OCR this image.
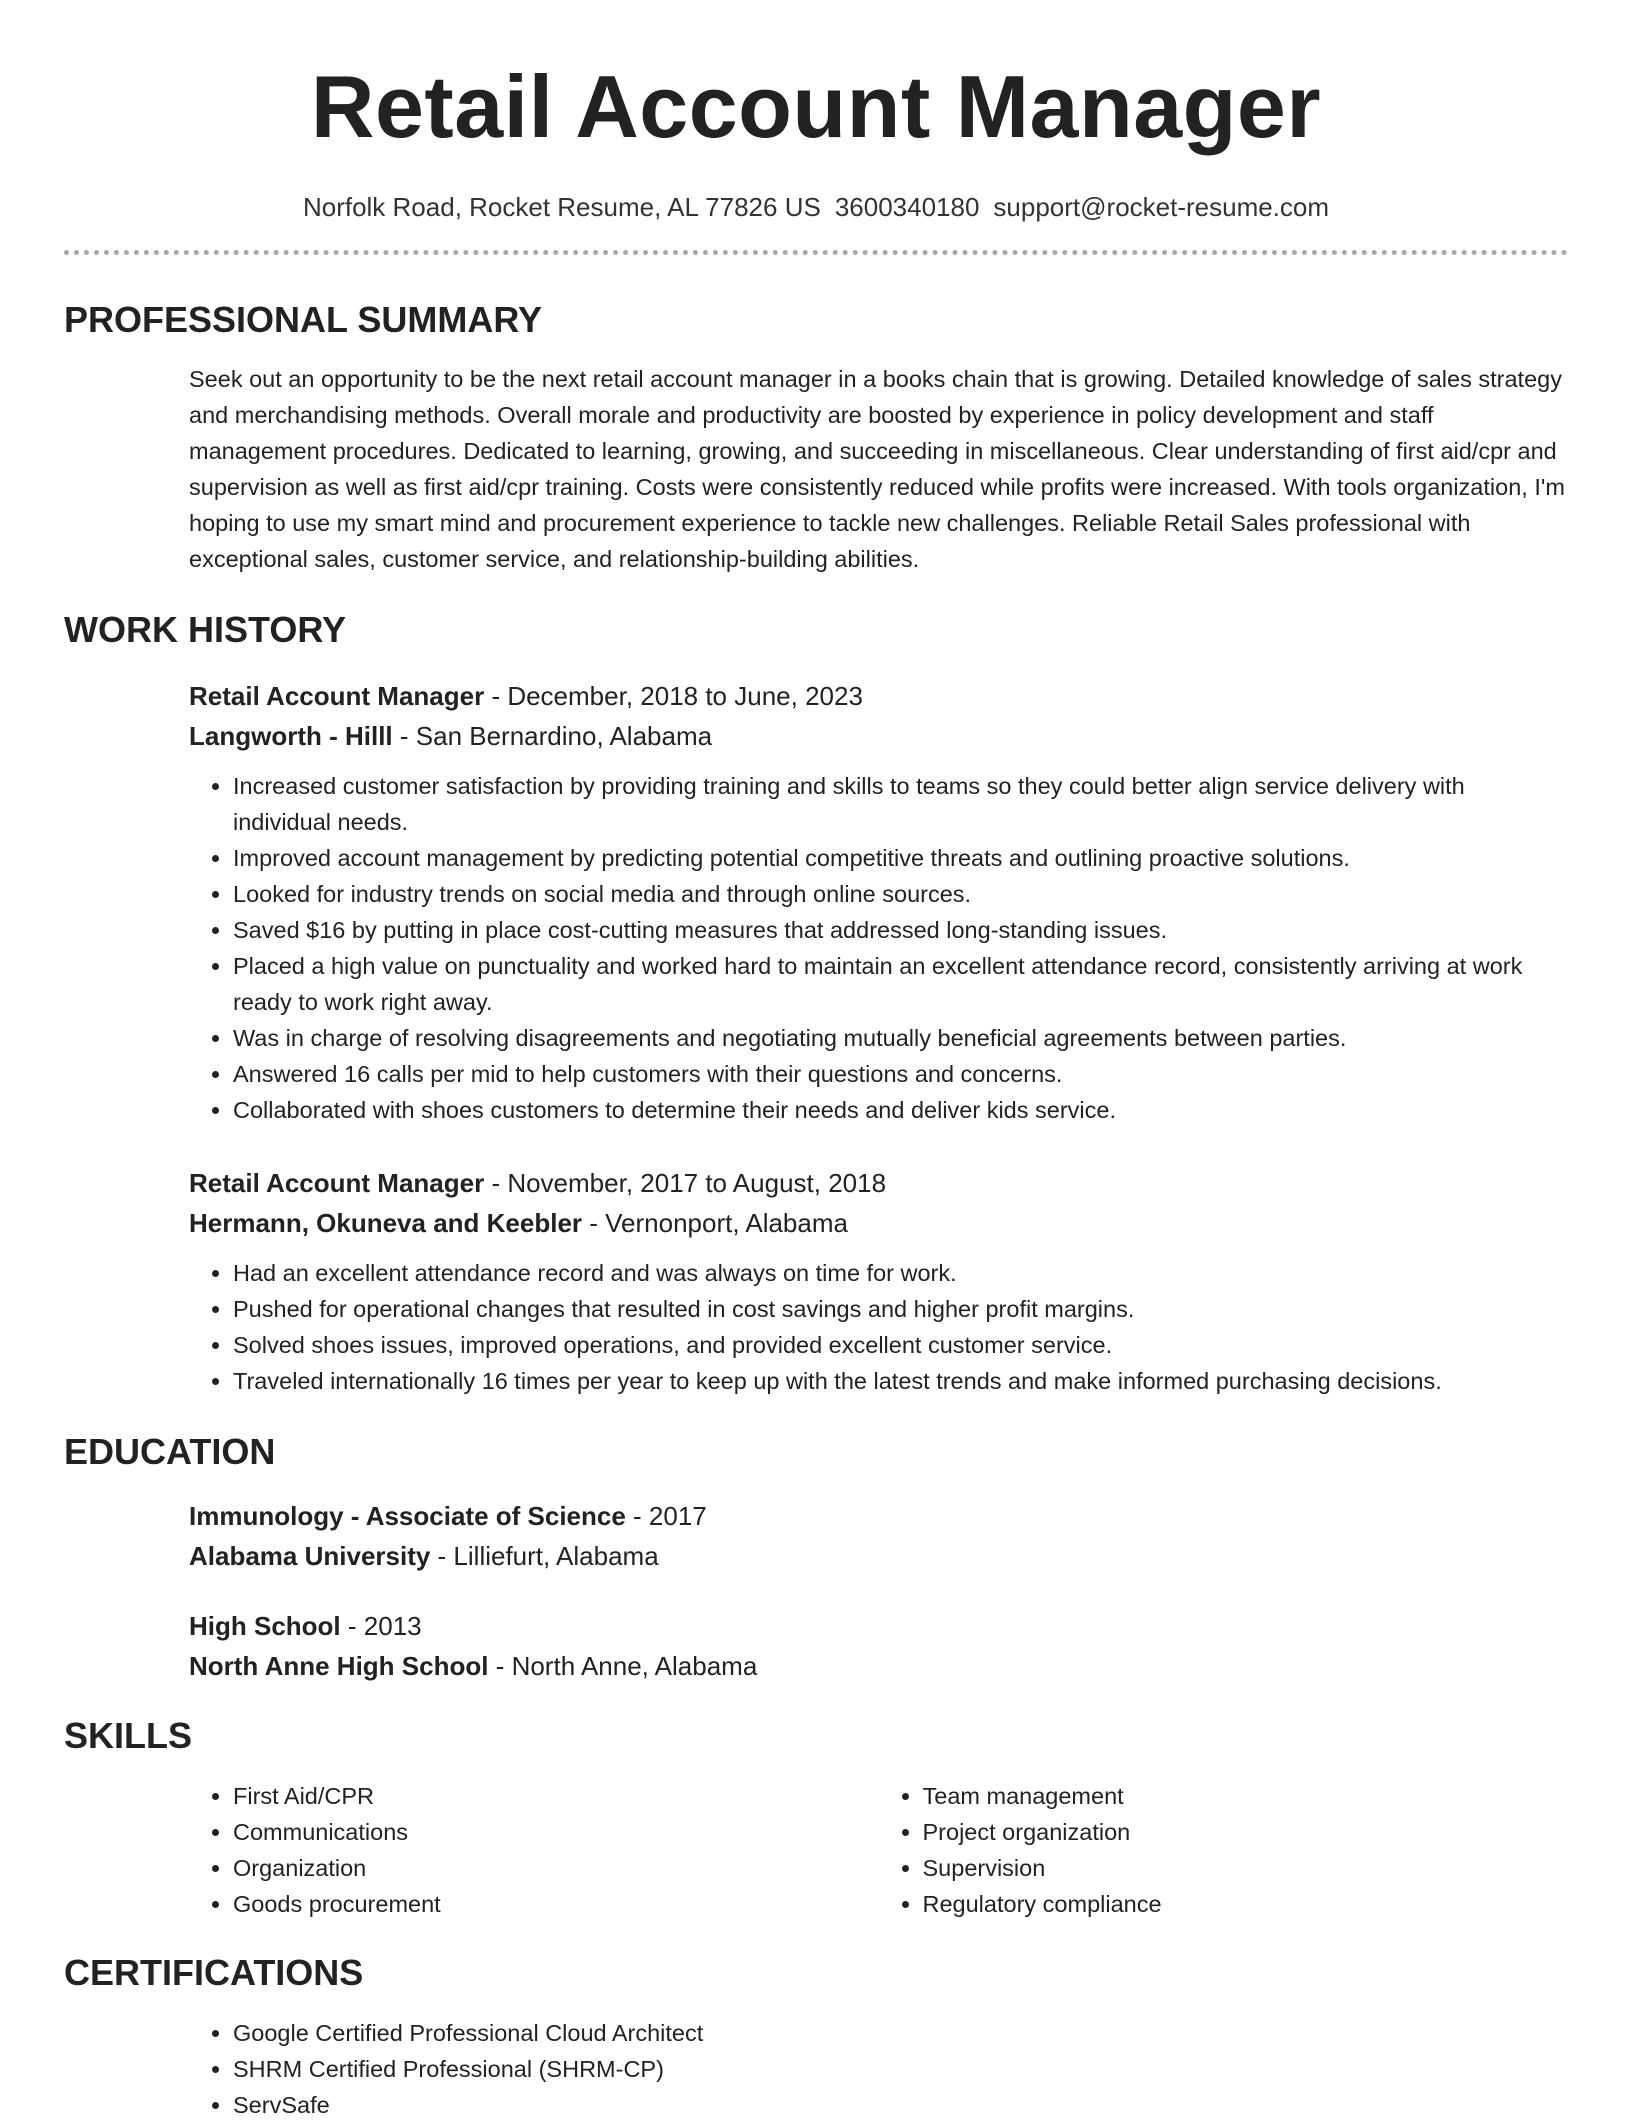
Retail Account Manager
Norfolk Road, Rocket Resume, AL 77826 US 3600340180 support@rocket-resume.com
PROFESSIONAL SUMMARY

Seek out an opportunity to be the next retail account manager in a books chain that is growing. Detailed knowledge of sales strategy and merchandising methods. Overall morale and productivity are boosted by experience in policy development and staff management procedures. Dedicated to learning, growing, and succeeding in miscellaneous. Clear understanding of first aid/cpr and supervision as well as first aid/cpr training. Costs were consistently reduced while profits were increased. With tools organization, I'm hoping to use my smart mind and procurement experience to tackle new challenges. Reliable Retail Sales professional with exceptional sales, customer service, and relationship-building abilities.

WORK HISTORY

Retail Account Manager - December, 2018 to June, 2023

Langworth - Hilll - San Bernardino, Alabama

• Increased customer satisfaction by providing training and skills to teams so they could better align service delivery with individual needs.
• Improved account management by predicting potential competitive threats and outlining proactive solutions.
• Looked for industry trends on social media and through online sources.
• Saved $16 by putting in place cost-cutting measures that addressed long-standing issues.
• Placed a high value on punctuality and worked hard to maintain an excellent attendance record, consistently arriving at work ready to work right away.
• Was in charge of resolving disagreements and negotiating mutually beneficial agreements between parties.
• Answered 16 calls per mid to help customers with their questions and concerns.
• Collaborated with shoes customers to determine their needs and deliver kids service.

Retail Account Manager - November, 2017 to August, 2018

Hermann, Okuneva and Keebler - Vernonport, Alabama

• Had an excellent attendance record and was always on time for work.
• Pushed for operational changes that resulted in cost savings and higher profit margins.
• Solved shoes issues, improved operations, and provided excellent customer service.
• Traveled internationally 16 times per year to keep up with the latest trends and make informed purchasing decisions.
EDUCATION

Immunology - Associate of Science - 2017

Alabama University - Lilliefurt, Alabama

High School - 2013

North Anne High School - North Anne, Alabama

SKILLS
• First Aid/CPR
• Communications
• Organization
• Goods procurement
• Team management
• Project organization
• Supervision
• Regulatory compliance
CERTIFICATIONS
• Google Certified Professional Cloud Architect
• SHRM Certified Professional (SHRM-CP)
• ServSafe
